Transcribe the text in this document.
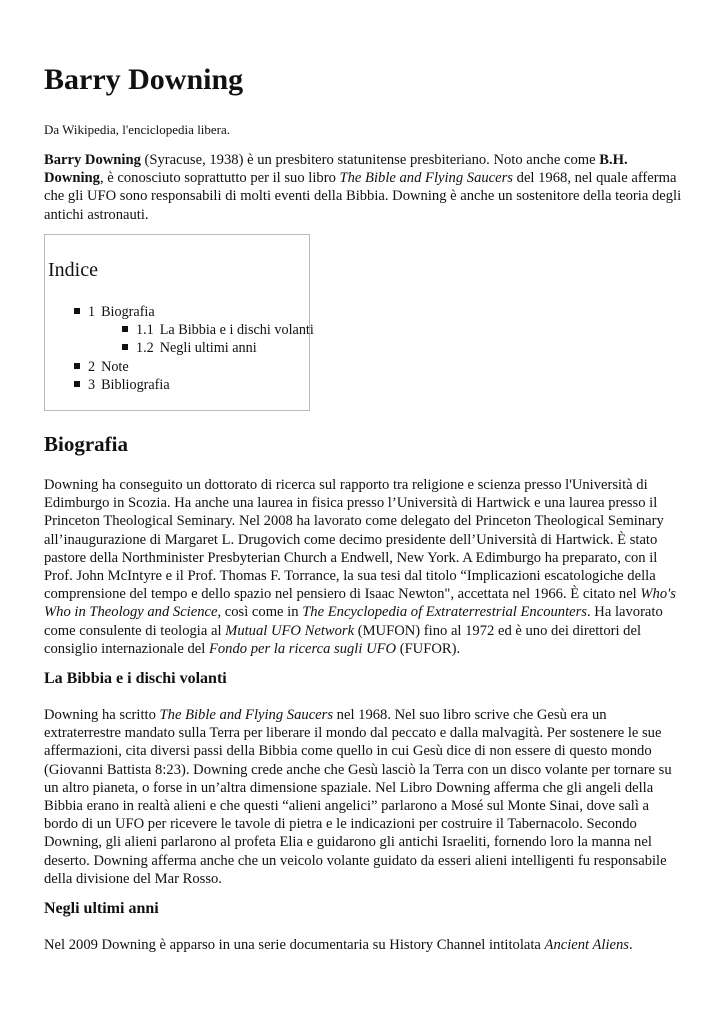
Barry Downing

Da Wikipedia, l'enciclopedia libera.

Barry Downing (Syracuse, 1938) è un presbitero statunitense presbiteriano. Noto anche come B.H. Downing, è conosciuto soprattutto per il suo libro The Bible and Flying Saucers del 1968, nel quale afferma che gli UFO sono responsabili di molti eventi della Bibbia. Downing è anche un sostenitore della teoria degli antichi astronauti.

Indice

1 Biografia
1.1 La Bibbia e i dischi volanti
1.2 Negli ultimi anni
2 Note
3 Bibliografia
Biografia
Downing ha conseguito un dottorato di ricerca sul rapporto tra religione e scienza presso l'Università di
Edimburgo in Scozia. Ha anche una laurea in fisica presso l’Università di Hartwick e una laurea presso il
Princeton Theological Seminary. Nel 2008 ha lavorato come delegato del Princeton Theological Seminary
all’inaugurazione di Margaret L. Drugovich come decimo presidente dell’Università di Hartwick. È stato
pastore della Northminister Presbyterian Church a Endwell, New York. A Edimburgo ha preparato, con il
Prof. John McIntyre e il Prof. Thomas F. Torrance, la sua tesi dal titolo “Implicazioni escatologiche della
comprensione del tempo e dello spazio nel pensiero di Isaac Newton", accettata nel 1966. È citato nel Who's
Who in Theology and Science, così come in The Encyclopedia of Extraterrestrial Encounters. Ha lavorato
come consulente di teologia al Mutual UFO Network (MUFON) fino al 1972 ed è uno dei direttori del
consiglio internazionale del Fondo per la ricerca sugli UFO (FUFOR).
La Bibbia e i dischi volanti
Downing ha scritto The Bible and Flying Saucers nel 1968. Nel suo libro scrive che Gesù era un
extraterrestre mandato sulla Terra per liberare il mondo dal peccato e dalla malvagità. Per sostenere le sue
affermazioni, cita diversi passi della Bibbia come quello in cui Gesù dice di non essere di questo mondo
(Giovanni Battista 8:23). Downing crede anche che Gesù lasciò la Terra con un disco volante per tornare su
un altro pianeta, o forse in un’altra dimensione spaziale. Nel Libro Downing afferma che gli angeli della
Bibbia erano in realtà alieni e che questi “alieni angelici” parlarono a Mosé sul Monte Sinai, dove salì a
bordo di un UFO per ricevere le tavole di pietra e le indicazioni per costruire il Tabernacolo. Secondo
Downing, gli alieni parlarono al profeta Elia e guidarono gli antichi Israeliti, fornendo loro la manna nel
deserto. Downing afferma anche che un veicolo volante guidato da esseri alieni intelligenti fu responsabile
della divisione del Mar Rosso.
Negli ultimi anni
Nel 2009 Downing è apparso in una serie documentaria su History Channel intitolata Ancient Aliens.
